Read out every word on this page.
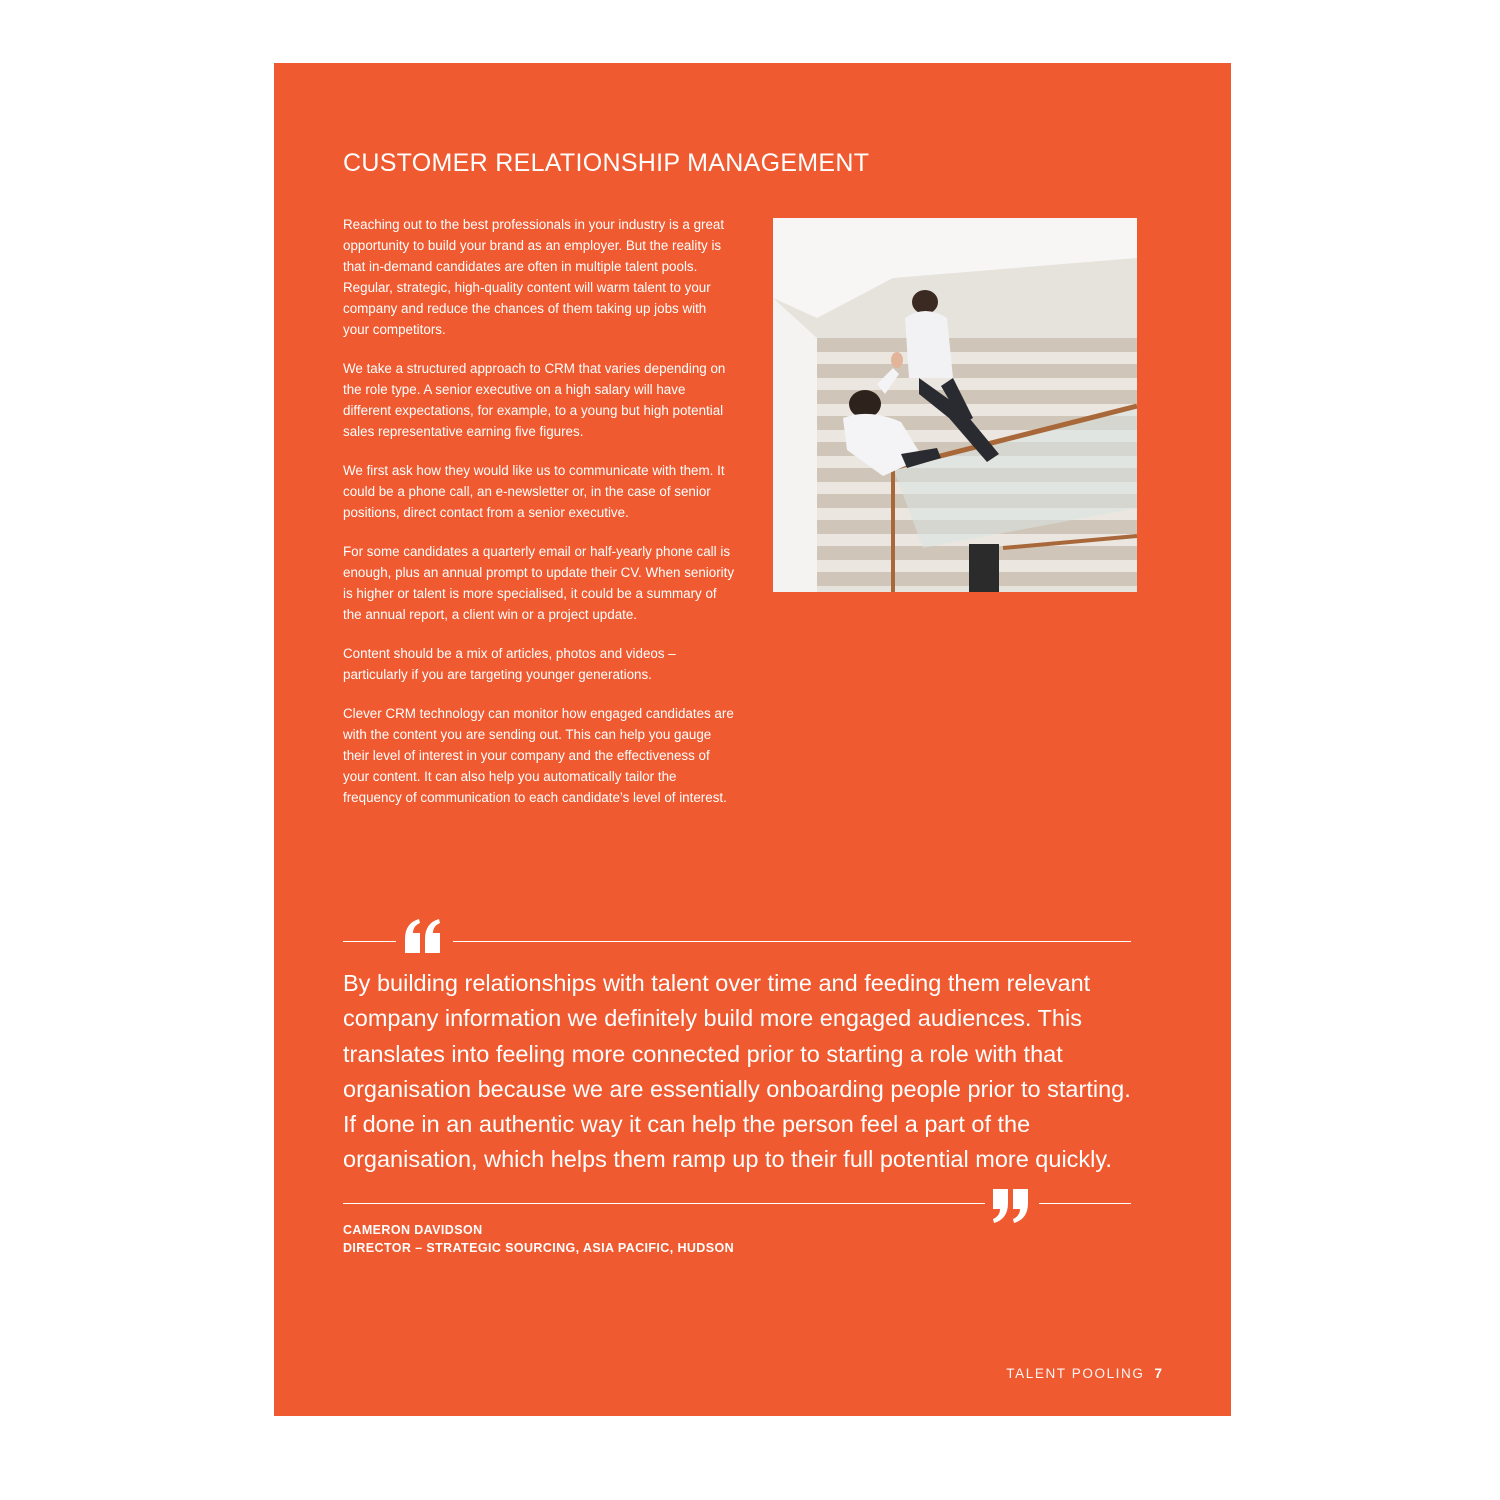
CUSTOMER RELATIONSHIP MANAGEMENT

Reaching out to the best professionals in your industry is a great opportunity to build your brand as an employer. But the reality is that in-demand candidates are often in multiple talent pools. Regular, strategic, high-quality content will warm talent to your company and reduce the chances of them taking up jobs with your competitors.

We take a structured approach to CRM that varies depending on the role type. A senior executive on a high salary will have different expectations, for example, to a young but high potential sales representative earning five figures.

We first ask how they would like us to communicate with them. It could be a phone call, an e-newsletter or, in the case of senior positions, direct contact from a senior executive.

For some candidates a quarterly email or half-yearly phone call is enough, plus an annual prompt to update their CV. When seniority is higher or talent is more specialised, it could be a summary of the annual report, a client win or a project update.

Content should be a mix of articles, photos and videos – particularly if you are targeting younger generations.

Clever CRM technology can monitor how engaged candidates are with the content you are sending out. This can help you gauge their level of interest in your company and the effectiveness of your content. It can also help you automatically tailor the frequency of communication to each candidate’s level of interest.

By building relationships with talent over time and feeding them relevant company information we definitely build more engaged audiences. This translates into feeling more connected prior to starting a role with that organisation because we are essentially onboarding people prior to starting. If done in an authentic way it can help the person feel a part of the organisation, which helps them ramp up to their full potential more quickly.

CAMERON DAVIDSON
DIRECTOR – STRATEGIC SOURCING, ASIA PACIFIC, HUDSON
TALENT POOLING 7
